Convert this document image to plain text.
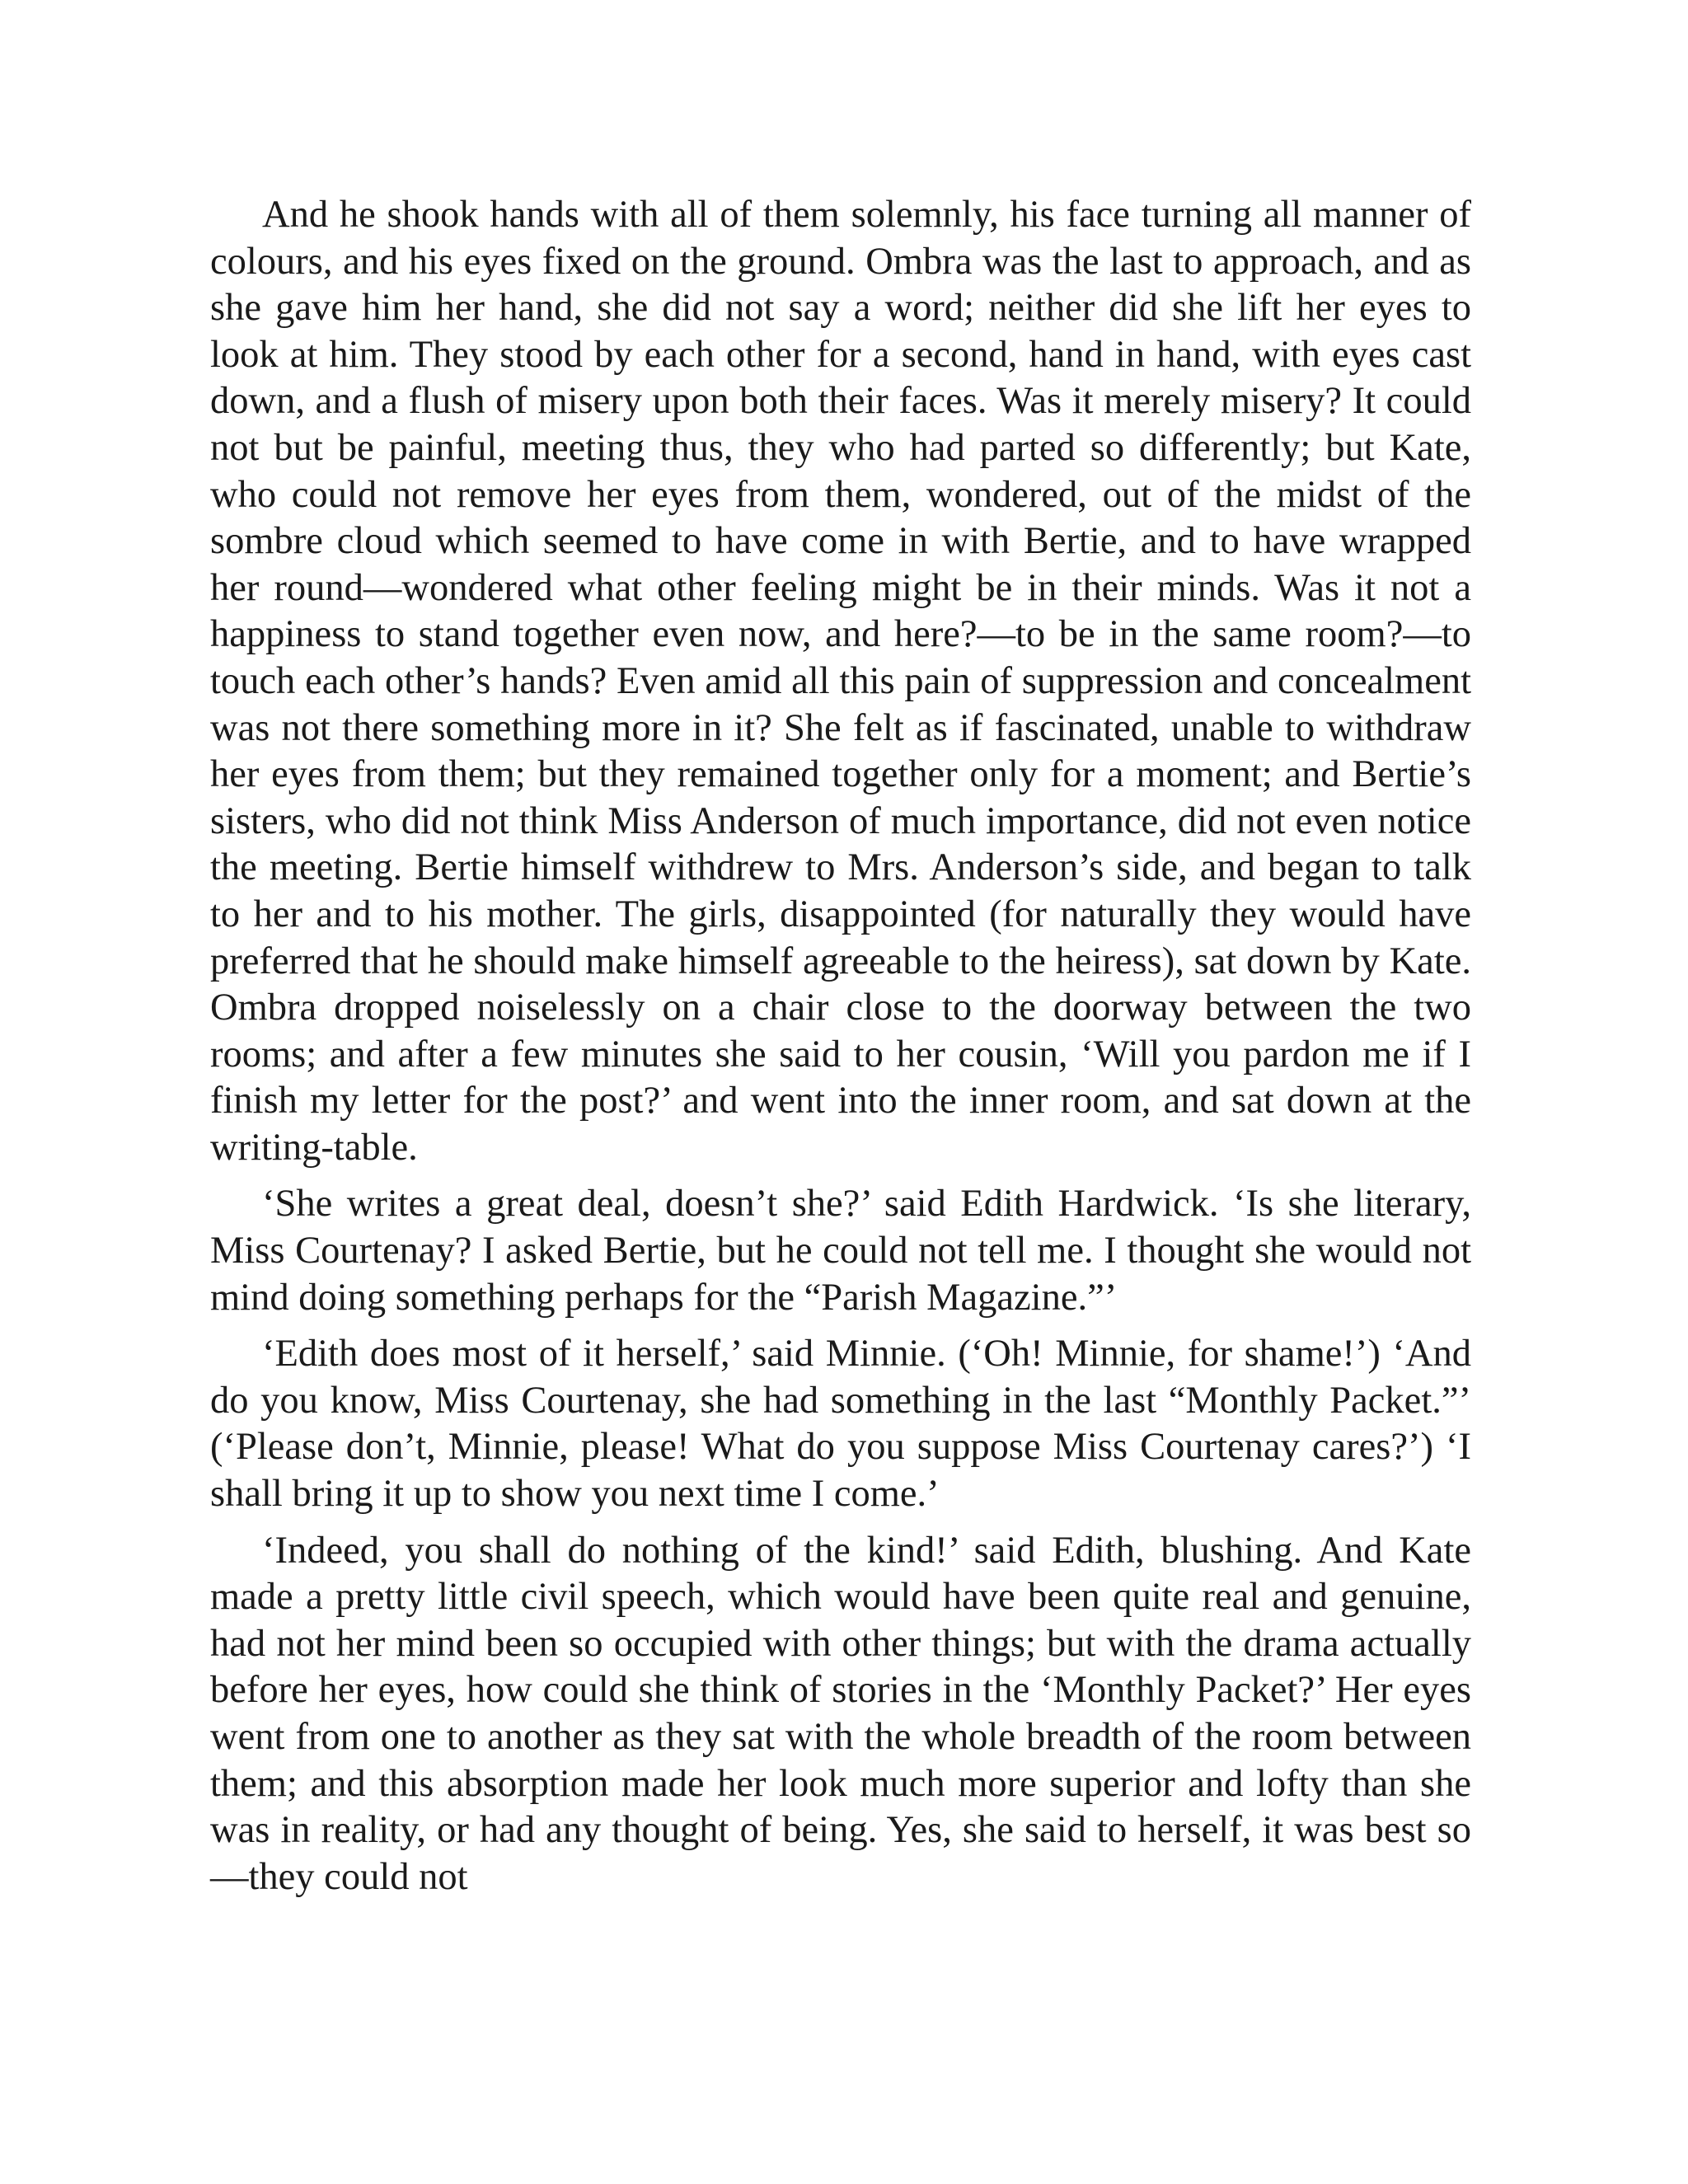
And he shook hands with all of them solemnly, his face turning all manner of colours, and his eyes fixed on the ground. Ombra was the last to approach, and as she gave him her hand, she did not say a word; neither did she lift her eyes to look at him. They stood by each other for a second, hand in hand, with eyes cast down, and a flush of misery upon both their faces. Was it merely misery? It could not but be painful, meeting thus, they who had parted so differently; but Kate, who could not remove her eyes from them, wondered, out of the midst of the sombre cloud which seemed to have come in with Bertie, and to have wrapped her round—wondered what other feeling might be in their minds. Was it not a happiness to stand together even now, and here?—to be in the same room?—to touch each other’s hands? Even amid all this pain of suppression and concealment was not there something more in it? She felt as if fascinated, unable to withdraw her eyes from them; but they remained together only for a moment; and Bertie’s sisters, who did not think Miss Anderson of much importance, did not even notice the meeting. Bertie himself withdrew to Mrs. Anderson’s side, and began to talk to her and to his mother. The girls, disappointed (for naturally they would have preferred that he should make himself agreeable to the heiress), sat down by Kate. Ombra dropped noiselessly on a chair close to the doorway between the two rooms; and after a few minutes she said to her cousin, ‘Will you pardon me if I finish my letter for the post?’ and went into the inner room, and sat down at the writing-table.

‘She writes a great deal, doesn’t she?’ said Edith Hardwick. ‘Is she literary, Miss Courtenay? I asked Bertie, but he could not tell me. I thought she would not mind doing something perhaps for the “Parish Magazine.”’

‘Edith does most of it herself,’ said Minnie. (‘Oh! Minnie, for shame!’) ‘And do you know, Miss Courtenay, she had something in the last “Monthly Packet.”’ (‘Please don’t, Minnie, please! What do you suppose Miss Courtenay cares?’) ‘I shall bring it up to show you next time I come.’

‘Indeed, you shall do nothing of the kind!’ said Edith, blushing. And Kate made a pretty little civil speech, which would have been quite real and genuine, had not her mind been so occupied with other things; but with the drama actually before her eyes, how could she think of stories in the ‘Monthly Packet?’ Her eyes went from one to another as they sat with the whole breadth of the room between them; and this absorption made her look much more superior and lofty than she was in reality, or had any thought of being. Yes, she said to herself, it was best so—they could not
